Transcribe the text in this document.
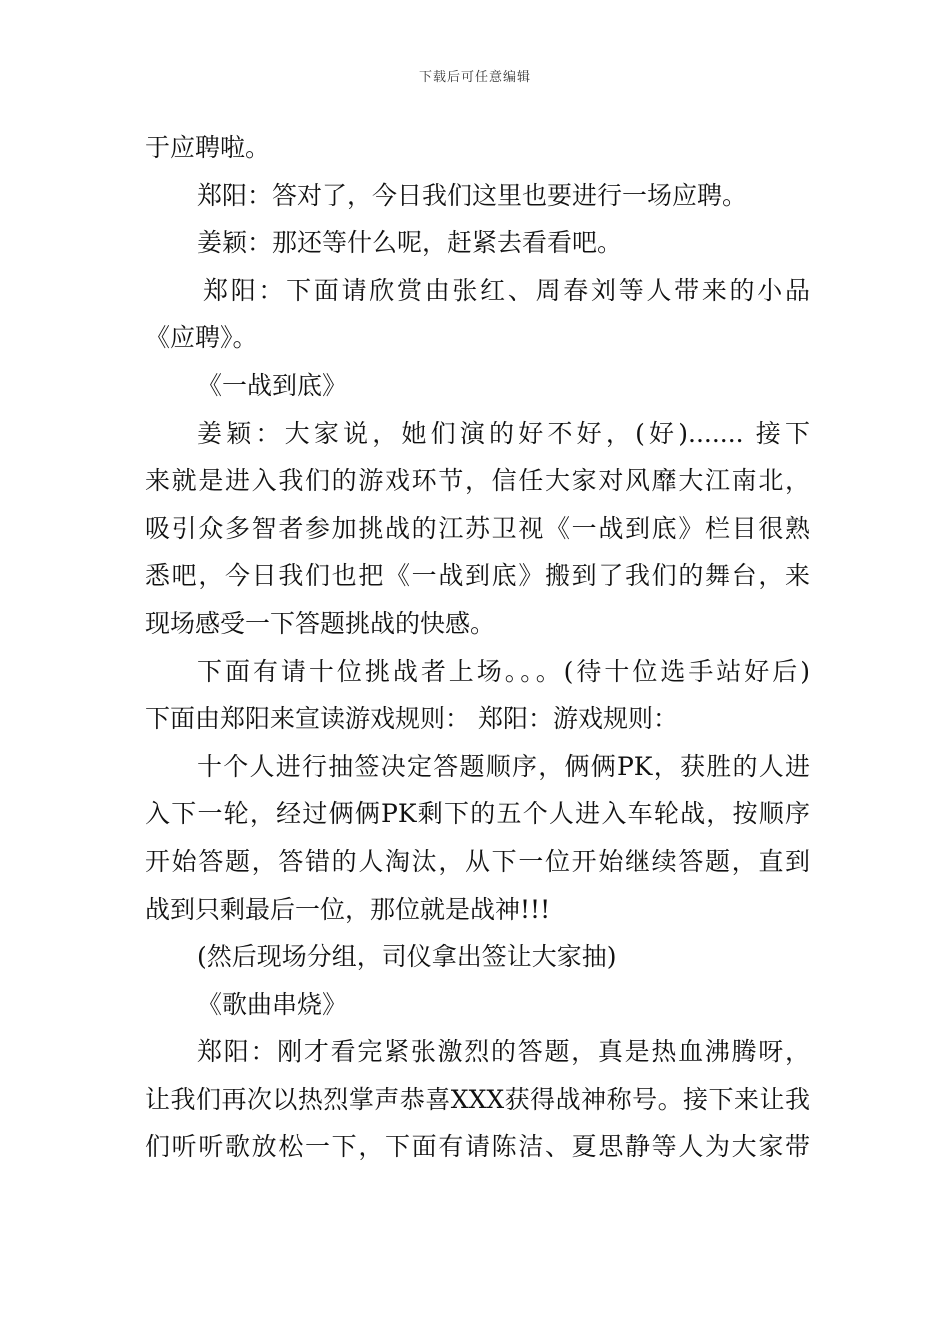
下载后可任意编辑
于应聘啦。
郑阳：答对了，今日我们这里也要进行一场应聘。
姜颖：那还等什么呢，赶紧去看看吧。
郑阳：下面请欣赏由张红、周春刘等人带来的小品
《应聘》。
《一战到底》
姜颖：大家说，她们演的好不好，(好)....... 接下
来就是进入我们的游戏环节，信任大家对风靡大江南北，
吸引众多智者参加挑战的江苏卫视《一战到底》栏目很熟
悉吧，今日我们也把《一战到底》搬到了我们的舞台，来
现场感受一下答题挑战的快感。
下面有请十位挑战者上场。。。(待十位选手站好后)
下面由郑阳来宣读游戏规则： 郑阳：游戏规则：
十个人进行抽签决定答题顺序，俩俩PK，获胜的人进
入下一轮，经过俩俩PK剩下的五个人进入车轮战，按顺序
开始答题，答错的人淘汰，从下一位开始继续答题，直到
战到只剩最后一位，那位就是战神!!!
(然后现场分组，司仪拿出签让大家抽)
《歌曲串烧》
郑阳：刚才看完紧张激烈的答题，真是热血沸腾呀，
让我们再次以热烈掌声恭喜XXX获得战神称号。接下来让我
们听听歌放松一下，下面有请陈洁、夏思静等人为大家带
